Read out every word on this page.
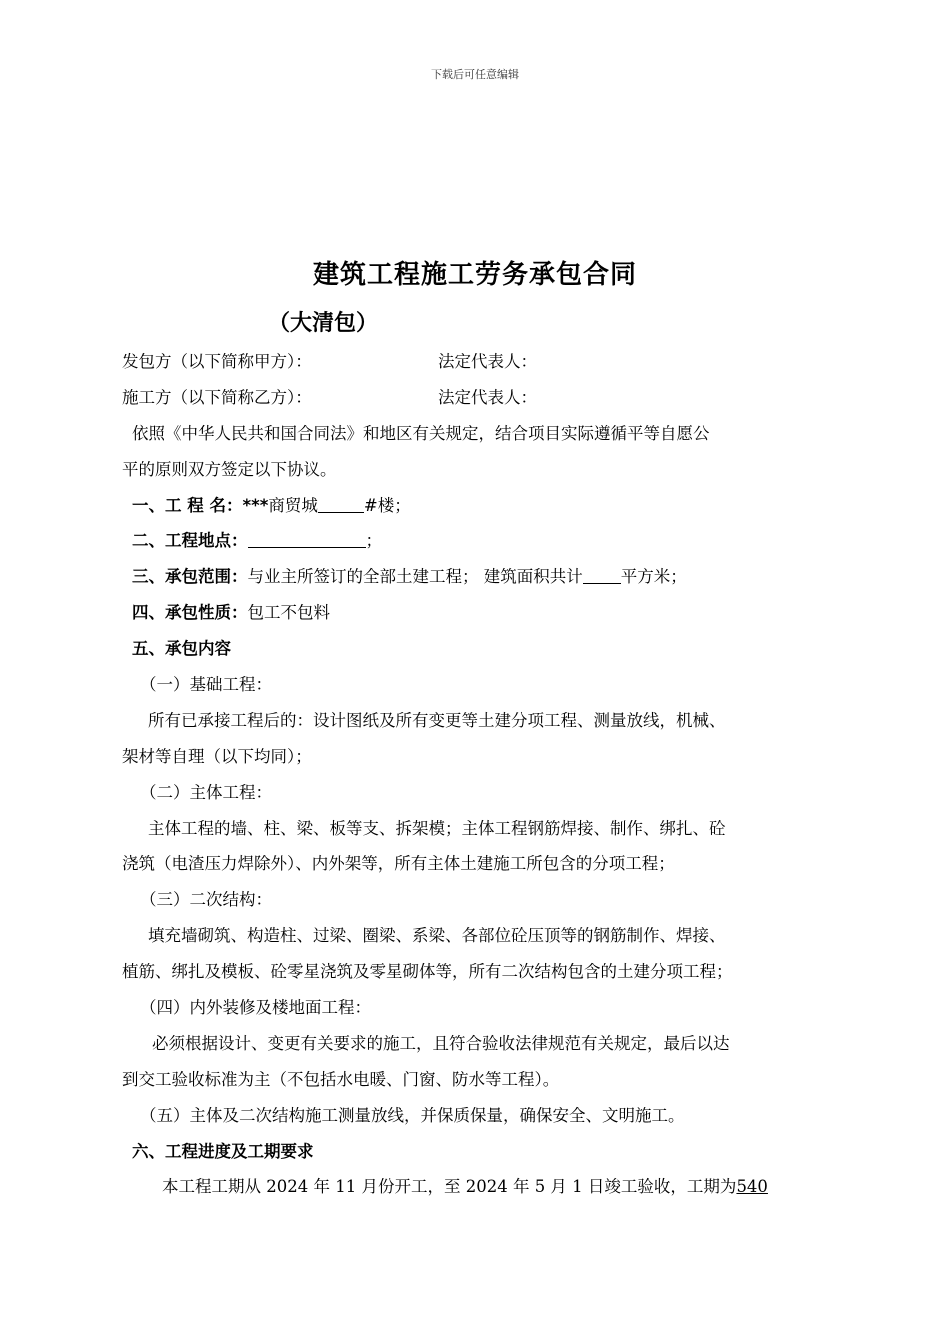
下载后可任意编辑
建筑工程施工劳务承包合同
（大清包）
发包方（以下简称甲方）：	法定代表人：
施工方（以下简称乙方）：	法定代表人：
依照《中华人民共和国合同法》和地区有关规定，结合项目实际遵循平等自愿公
平的原则双方签定以下协议。
一、工 程 名：***商贸城	#楼；
二、工程地点：	；
三、承包范围：与业主所签订的全部土建工程； 建筑面积共计 平方米；
四、承包性质：包工不包料
五、承包内容
（一）基础工程：
所有已承接工程后的：设计图纸及所有变更等土建分项工程、测量放线，机械、
架材等自理（以下均同）；
（二）主体工程：
主体工程的墙、柱、梁、板等支、拆架模；主体工程钢筋焊接、制作、绑扎、砼
浇筑（电渣压力焊除外）、内外架等，所有主体土建施工所包含的分项工程；
（三）二次结构：
填充墙砌筑、构造柱、过梁、圈梁、系梁、各部位砼压顶等的钢筋制作、焊接、
植筋、绑扎及模板、砼零星浇筑及零星砌体等，所有二次结构包含的土建分项工程；
（四）内外装修及楼地面工程：
必须根据设计、变更有关要求的施工，且符合验收法律规范有关规定，最后以达
到交工验收标准为主（不包括水电暖、门窗、防水等工程）。
（五）主体及二次结构施工测量放线，并保质保量，确保安全、文明施工。
六、工程进度及工期要求
本工程工期从 2024 年 11 月份开工，至 2024 年 5 月 1 日竣工验收，工期为540
